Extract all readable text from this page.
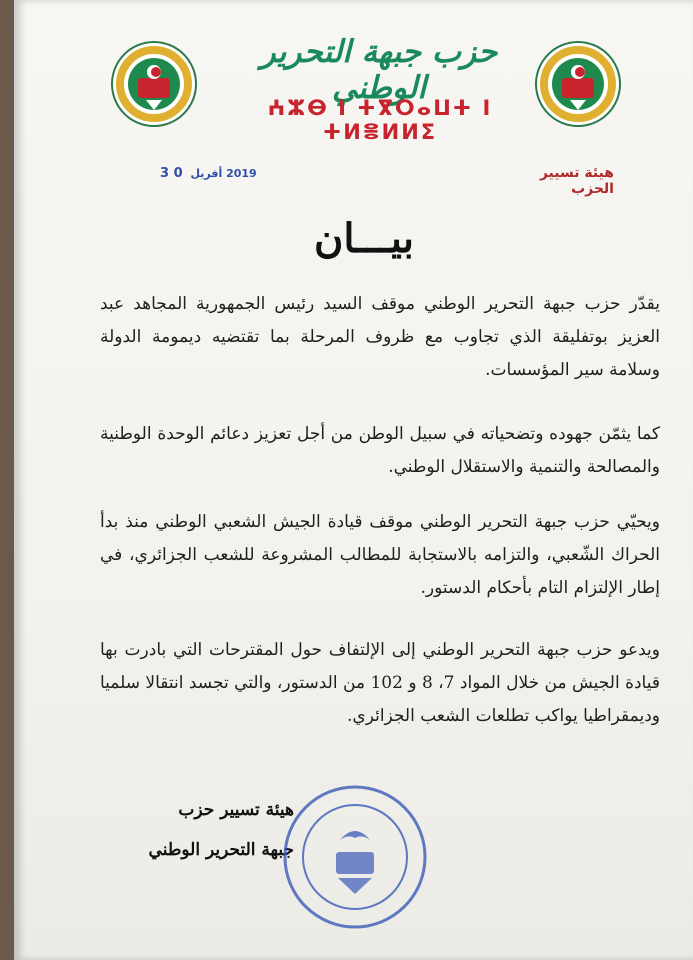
حزب جبهة التحرير الوطني
ⵄⵣⴱ ⵏ ⵜⴳⵔⴰⵡⵜ ⵏ ⵜⵍⴻⵍⵍⵉ
2019 أفريل 0 3	هيئة تسيير الحزب
بيـــان
يقدّر حزب جبهة التحرير الوطني موقف السيد رئيس الجمهورية المجاهد عبد العزيز بوتفليقة الذي تجاوب مع ظروف المرحلة بما تقتضيه ديمومة الدولة وسلامة سير المؤسسات.
كما يثمّن جهوده وتضحياته في سبيل الوطن من أجل تعزيز دعائم الوحدة الوطنية والمصالحة والتنمية والاستقلال الوطني.
ويحيّي حزب جبهة التحرير الوطني موقف قيادة الجيش الشعبي الوطني منذ بدأ الحراك الشّعبي، والتزامه بالاستجابة للمطالب المشروعة للشعب الجزائري، في إطار الإلتزام التام بأحكام الدستور.
ويدعو حزب جبهة التحرير الوطني إلى الإلتفاف حول المقترحات التي بادرت بها قيادة الجيش من خلال المواد 7، 8 و 102 من الدستور، والتي تجسد انتقالا سلميا وديمقراطيا يواكب تطلعات الشعب الجزائري.
هيئة تسيير حزب
جبهة التحرير الوطني
